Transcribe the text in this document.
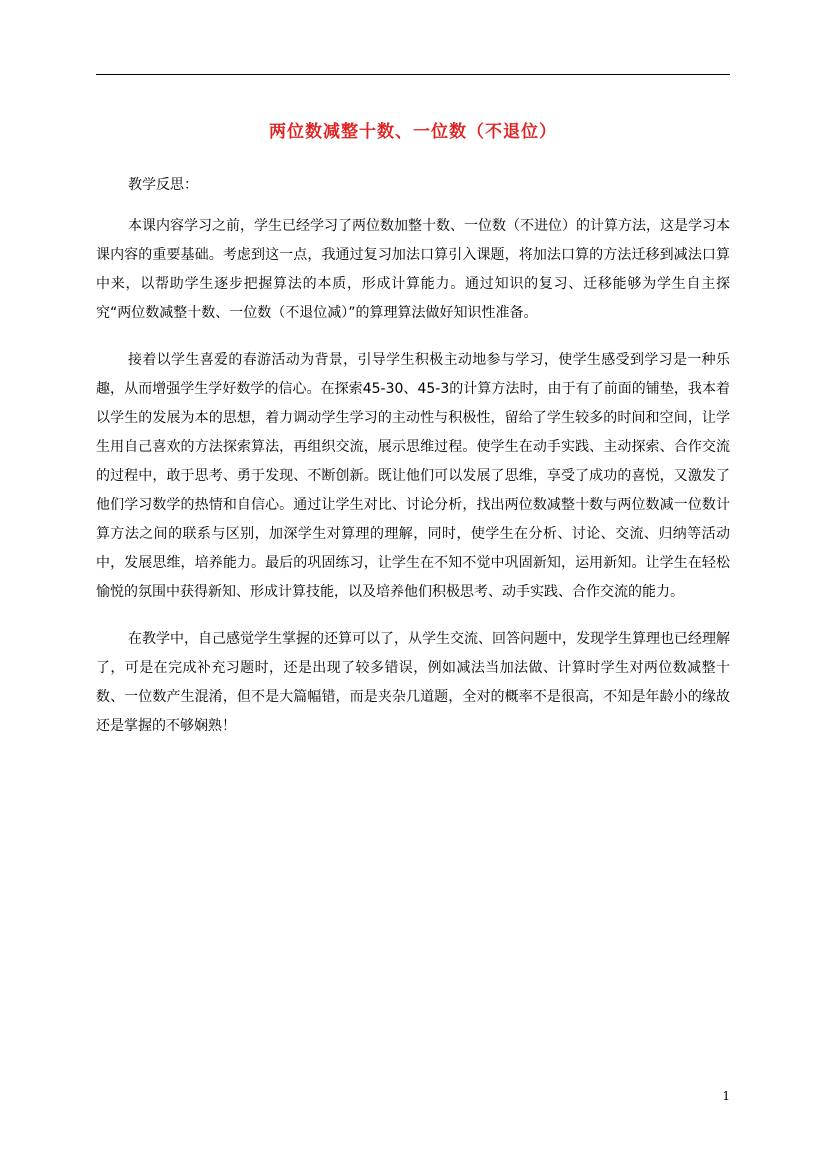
两位数减整十数、一位数（不退位）

教学反思：

本课内容学习之前，学生已经学习了两位数加整十数、一位数（不进位）的计算方法，这是学习本课内容的重要基础。考虑到这一点，我通过复习加法口算引入课题，将加法口算的方法迁移到减法口算中来，以帮助学生逐步把握算法的本质，形成计算能力。通过知识的复习、迁移能够为学生自主探究“两位数减整十数、一位数（不退位减）”的算理算法做好知识性准备。

接着以学生喜爱的春游活动为背景，引导学生积极主动地参与学习，使学生感受到学习是一种乐趣，从而增强学生学好数学的信心。在探索45-30、45-3的计算方法时，由于有了前面的铺垫，我本着以学生的发展为本的思想，着力调动学生学习的主动性与积极性，留给了学生较多的时间和空间，让学生用自己喜欢的方法探索算法，再组织交流，展示思维过程。使学生在动手实践、主动探索、合作交流的过程中，敢于思考、勇于发现、不断创新。既让他们可以发展了思维，享受了成功的喜悦，又激发了他们学习数学的热情和自信心。通过让学生对比、讨论分析，找出两位数减整十数与两位数减一位数计算方法之间的联系与区别，加深学生对算理的理解，同时，使学生在分析、讨论、交流、归纳等活动中，发展思维，培养能力。最后的巩固练习，让学生在不知不觉中巩固新知，运用新知。让学生在轻松愉悦的氛围中获得新知、形成计算技能，以及培养他们积极思考、动手实践、合作交流的能力。

在教学中，自己感觉学生掌握的还算可以了，从学生交流、回答问题中，发现学生算理也已经理解了，可是在完成补充习题时，还是出现了较多错误，例如减法当加法做、计算时学生对两位数减整十数、一位数产生混淆，但不是大篇幅错，而是夹杂几道题，全对的概率不是很高，不知是年龄小的缘故还是掌握的不够娴熟！

1
